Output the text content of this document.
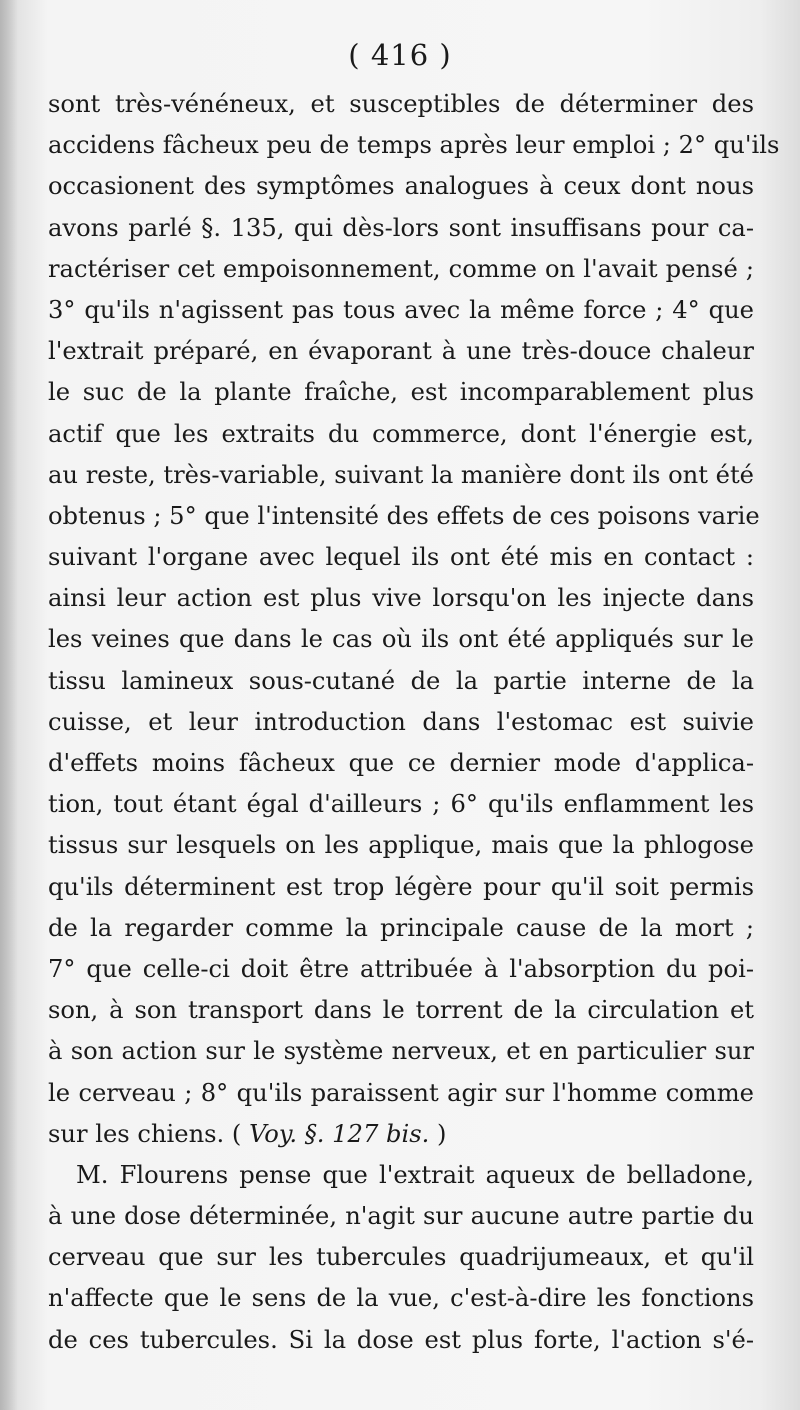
( 416 )
sont très-vénéneux, et susceptibles de déterminer des
accidens fâcheux peu de temps après leur emploi ; 2° qu'ils
occasionent des symptômes analogues à ceux dont nous
avons parlé §. 135, qui dès-lors sont insuffisans pour ca-
ractériser cet empoisonnement, comme on l'avait pensé ;
3° qu'ils n'agissent pas tous avec la même force ; 4° que
l'extrait préparé, en évaporant à une très-douce chaleur
le suc de la plante fraîche, est incomparablement plus
actif que les extraits du commerce, dont l'énergie est,
au reste, très-variable, suivant la manière dont ils ont été
obtenus ; 5° que l'intensité des effets de ces poisons varie
suivant l'organe avec lequel ils ont été mis en contact :
ainsi leur action est plus vive lorsqu'on les injecte dans
les veines que dans le cas où ils ont été appliqués sur le
tissu lamineux sous-cutané de la partie interne de la
cuisse, et leur introduction dans l'estomac est suivie
d'effets moins fâcheux que ce dernier mode d'applica-
tion, tout étant égal d'ailleurs ; 6° qu'ils enflamment les
tissus sur lesquels on les applique, mais que la phlogose
qu'ils déterminent est trop légère pour qu'il soit permis
de la regarder comme la principale cause de la mort ;
7° que celle-ci doit être attribuée à l'absorption du poi-
son, à son transport dans le torrent de la circulation et
à son action sur le système nerveux, et en particulier sur
le cerveau ; 8° qu'ils paraissent agir sur l'homme comme
sur les chiens. ( Voy. §. 127 bis. )
M. Flourens pense que l'extrait aqueux de belladone,
à une dose déterminée, n'agit sur aucune autre partie du
cerveau que sur les tubercules quadrijumeaux, et qu'il
n'affecte que le sens de la vue, c'est-à-dire les fonctions
de ces tubercules. Si la dose est plus forte, l'action s'é-
